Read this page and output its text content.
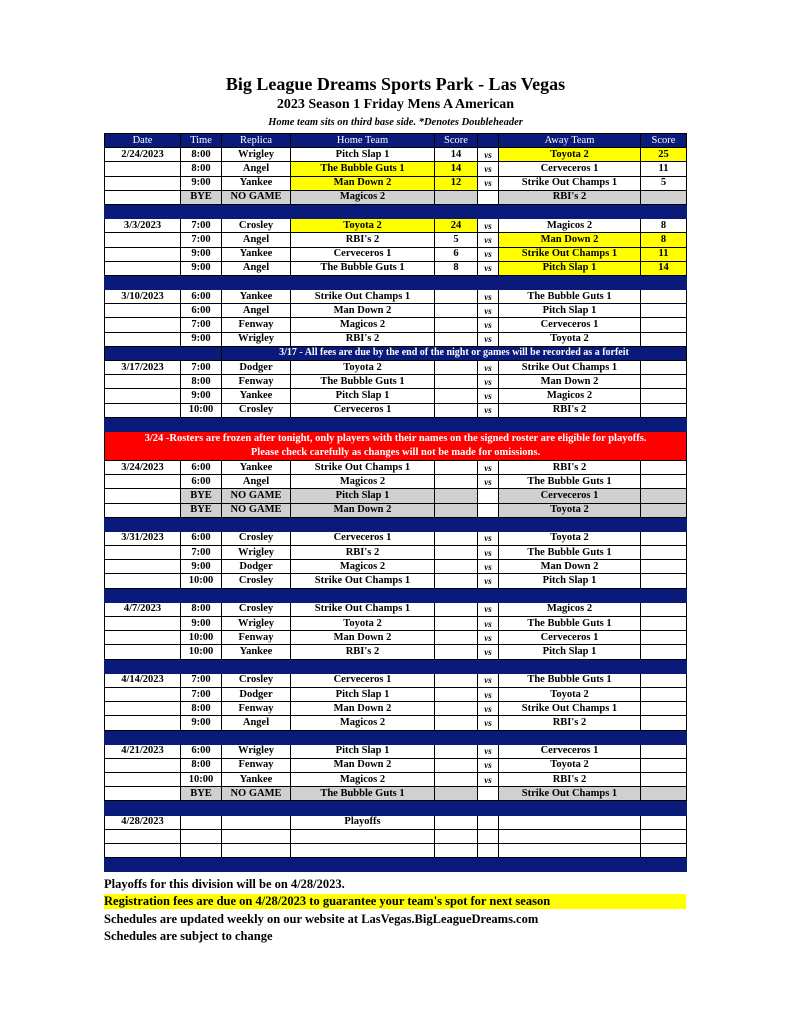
Big League Dreams Sports Park - Las Vegas
2023 Season 1 Friday Mens A American
Home team sits on third base side. *Denotes Doubleheader
Date	Time	Replica	Home Team	Score		Away Team	Score
2/24/2023	8:00	Wrigley	Pitch Slap 1	14	vs	Toyota 2	25
	8:00	Angel	The Bubble Guts 1	14	vs	Cerveceros 1	11
	9:00	Yankee	Man Down 2	12	vs	Strike Out Champs 1	5
	BYE	NO GAME	Magicos 2			RBI's 2	

3/3/2023	7:00	Crosley	Toyota 2	24	vs	Magicos 2	8
	7:00	Angel	RBI's 2	5	vs	Man Down 2	8
	9:00	Yankee	Cerveceros 1	6	vs	Strike Out Champs 1	11
	9:00	Angel	The Bubble Guts 1	8	vs	Pitch Slap 1	14

3/10/2023	6:00	Yankee	Strike Out Champs 1		vs	The Bubble Guts 1	
	6:00	Angel	Man Down 2		vs	Pitch Slap 1	
	7:00	Fenway	Magicos 2		vs	Cerveceros 1	
	9:00	Wrigley	RBI's 2		vs	Toyota 2	
		3/17 - All fees are due by the end of the night or games will be recorded as a forfeit					
3/17/2023	7:00	Dodger	Toyota 2		vs	Strike Out Champs 1	
	8:00	Fenway	The Bubble Guts 1		vs	Man Down 2	
	9:00	Yankee	Pitch Slap 1		vs	Magicos 2	
	10:00	Crosley	Cerveceros 1		vs	RBI's 2	

3/24 -Rosters are frozen after tonight, only players with their names on the signed roster are eligible for playoffs.
Please check carefully as changes will not be made for omissions.							

3/24/2023	6:00	Yankee	Strike Out Champs 1		vs	RBI's 2	
	6:00	Angel	Magicos 2		vs	The Bubble Guts 1	
	BYE	NO GAME	Pitch Slap 1			Cerveceros 1	
	BYE	NO GAME	Man Down 2			Toyota 2	

3/31/2023	6:00	Crosley	Cerveceros 1		vs	Toyota 2	
	7:00	Wrigley	RBI's 2		vs	The Bubble Guts 1	
	9:00	Dodger	Magicos 2		vs	Man Down 2	
	10:00	Crosley	Strike Out Champs 1		vs	Pitch Slap 1	

4/7/2023	8:00	Crosley	Strike Out Champs 1		vs	Magicos 2	
	9:00	Wrigley	Toyota 2		vs	The Bubble Guts 1	
	10:00	Fenway	Man Down 2		vs	Cerveceros 1	
	10:00	Yankee	RBI's 2		vs	Pitch Slap 1	

4/14/2023	7:00	Crosley	Cerveceros 1		vs	The Bubble Guts 1	
	7:00	Dodger	Pitch Slap 1		vs	Toyota 2	
	8:00	Fenway	Man Down 2		vs	Strike Out Champs 1	
	9:00	Angel	Magicos 2		vs	RBI's 2	

4/21/2023	6:00	Wrigley	Pitch Slap 1		vs	Cerveceros 1	
	8:00	Fenway	Man Down 2		vs	Toyota 2	
	10:00	Yankee	Magicos 2		vs	RBI's 2	
	BYE	NO GAME	The Bubble Guts 1			Strike Out Champs 1	

4/28/2023			Playoffs				

Playoffs for this division will be on 4/28/2023.
Registration fees are due on 4/28/2023 to guarantee your team's spot for next season
Schedules are updated weekly on our website at LasVegas.BigLeagueDreams.com
Schedules are subject to change
